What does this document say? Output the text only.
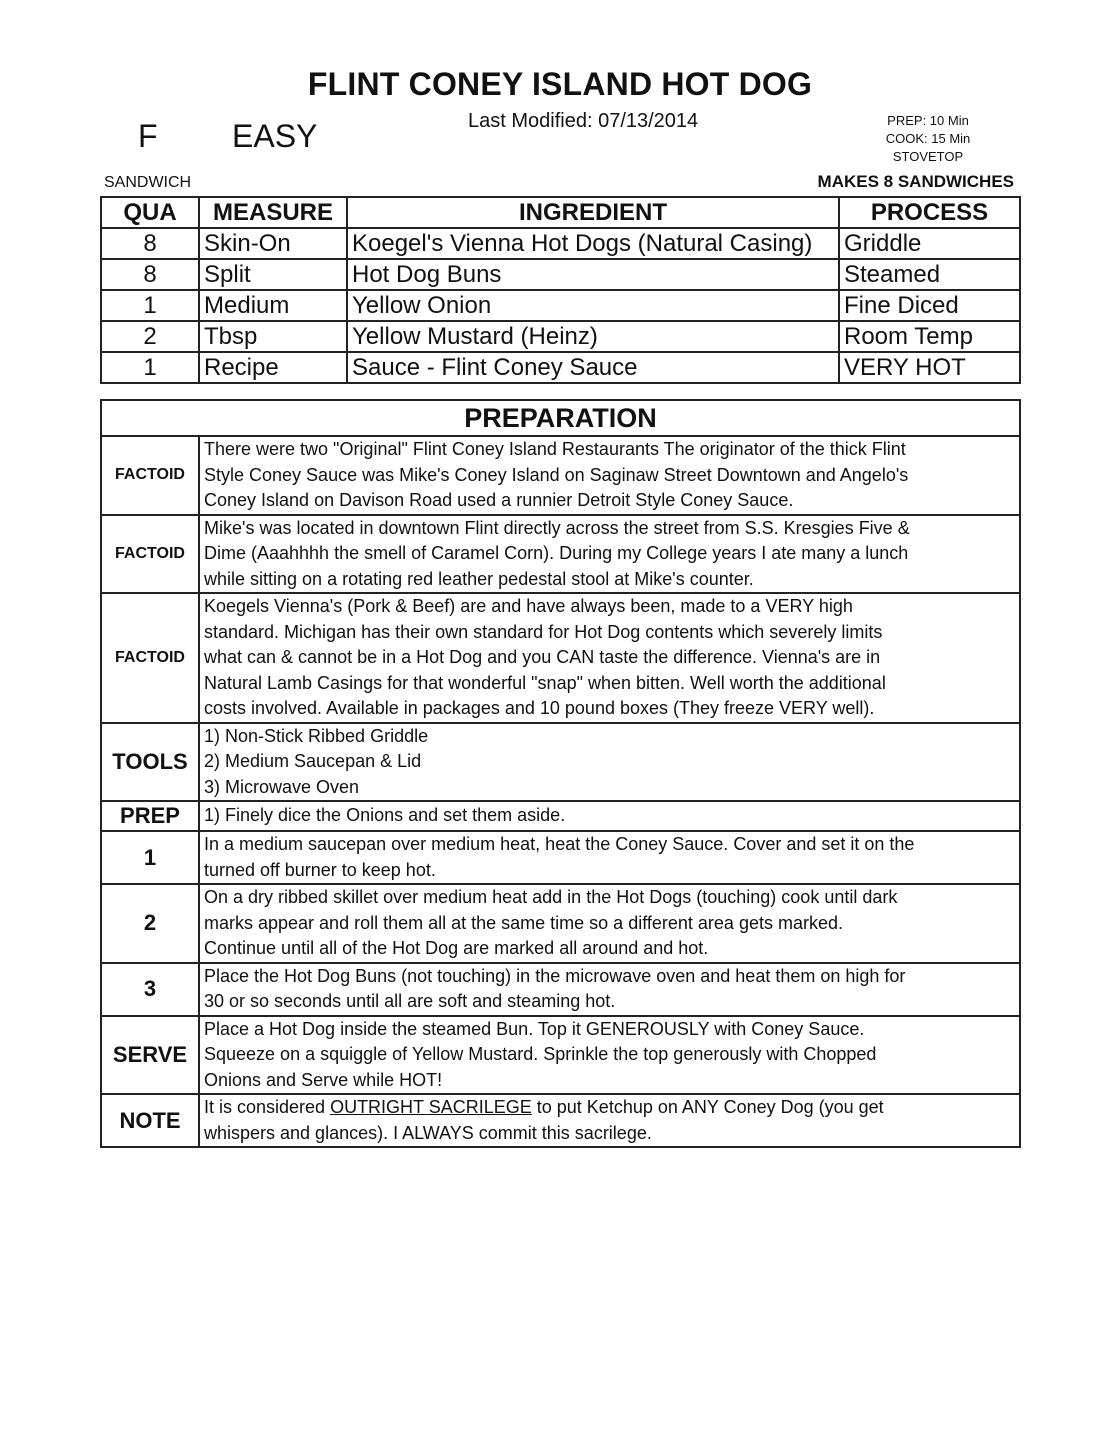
FLINT CONEY ISLAND HOT DOG
F EASY	Last Modified: 07/13/2014	PREP: 10 Min
COOK: 15 Min
STOVETOP
SANDWICH	MAKES 8 SANDWICHES
QUA	MEASURE	INGREDIENT	PROCESS
8	Skin-On	Koegel's Vienna Hot Dogs (Natural Casing)	Griddle
8	Split	Hot Dog Buns	Steamed
1	Medium	Yellow Onion	Fine Diced
2	Tbsp	Yellow Mustard (Heinz)	Room Temp
1	Recipe	Sauce - Flint Coney Sauce	VERY HOT
PREPARATION	
FACTOID	There were two "Original" Flint Coney Island Restaurants The originator of the thick Flint
Style Coney Sauce was Mike's Coney Island on Saginaw Street Downtown and Angelo's
Coney Island on Davison Road used a runnier Detroit Style Coney Sauce.

FACTOID	Mike's was located in downtown Flint directly across the street from S.S. Kresgies Five &
Dime (Aaahhhh the smell of Caramel Corn). During my College years I ate many a lunch
while sitting on a rotating red leather pedestal stool at Mike's counter.

FACTOID	Koegels Vienna's (Pork & Beef) are and have always been, made to a VERY high
standard. Michigan has their own standard for Hot Dog contents which severely limits
what can & cannot be in a Hot Dog and you CAN taste the difference. Vienna's are in
Natural Lamb Casings for that wonderful "snap" when bitten. Well worth the additional
costs involved. Available in packages and 10 pound boxes (They freeze VERY well).

TOOLS	1) Non-Stick Ribbed Griddle
2) Medium Saucepan & Lid
3) Microwave Oven

PREP	1) Finely dice the Onions and set them aside.

1	In a medium saucepan over medium heat, heat the Coney Sauce. Cover and set it on the
turned off burner to keep hot.

2	On a dry ribbed skillet over medium heat add in the Hot Dogs (touching) cook until dark
marks appear and roll them all at the same time so a different area gets marked.
Continue until all of the Hot Dog are marked all around and hot.

3	Place the Hot Dog Buns (not touching) in the microwave oven and heat them on high for
30 or so seconds until all are soft and steaming hot.

SERVE	Place a Hot Dog inside the steamed Bun. Top it GENEROUSLY with Coney Sauce.
Squeeze on a squiggle of Yellow Mustard. Sprinkle the top generously with Chopped
Onions and Serve while HOT!

NOTE	It is considered OUTRIGHT SACRILEGE to put Ketchup on ANY Coney Dog (you get
whispers and glances). I ALWAYS commit this sacrilege.
